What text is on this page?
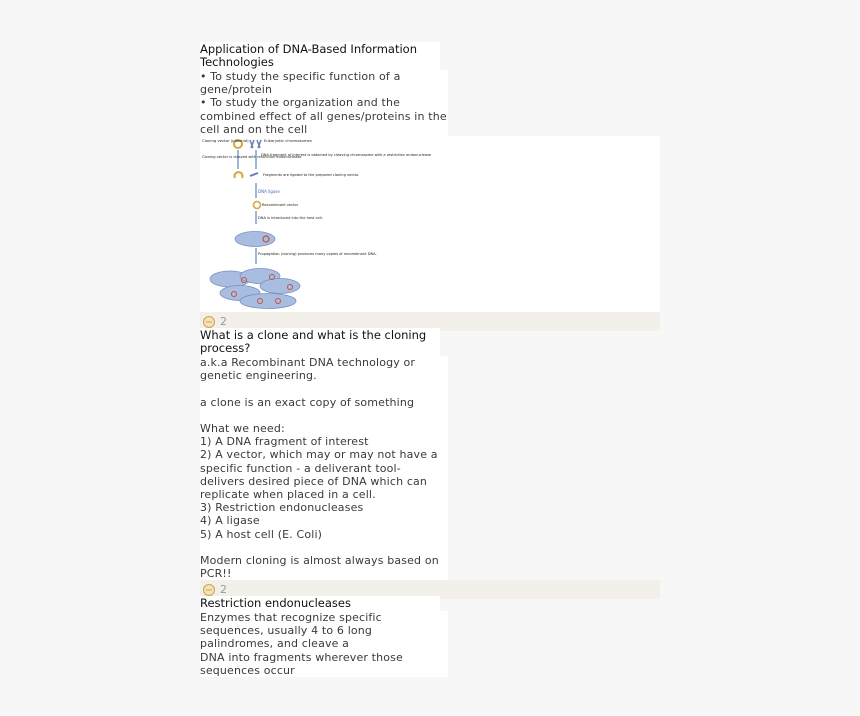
Application of DNA-Based Information Technologies
• To study the specific function of a gene/protein
• To study the organization and the combined effect of all genes/proteins in the cell and on the cell
Cloning vector (plasmid)	Eukaryotic chromosomes
Cloning vector is cleaved with restriction endonuclease
DNA fragment of interest is obtained by cleaving chromosome with a restriction endonuclease
Fragments are ligated to the prepared cloning vector.
DNA ligase
Recombinant vector
DNA is introduced into the host cell.
Propagation (cloning) produces many copies of recombinant DNA.
2
What is a clone and what is the cloning process?
a.k.a Recombinant DNA technology or genetic engineering.

a clone is an exact copy of something

What we need:
1) A DNA fragment of interest
2) A vector, which may or may not have a specific function - a deliverant tool- delivers desired piece of DNA which can replicate when placed in a cell.
3) Restriction endonucleases
4) A ligase
5) A host cell (E. Coli)

Modern cloning is almost always based on PCR!!
2
Restriction endonucleases
Enzymes that recognize specific sequences, usually 4 to 6 long palindromes, and cleave a
DNA into fragments wherever those sequences occur
